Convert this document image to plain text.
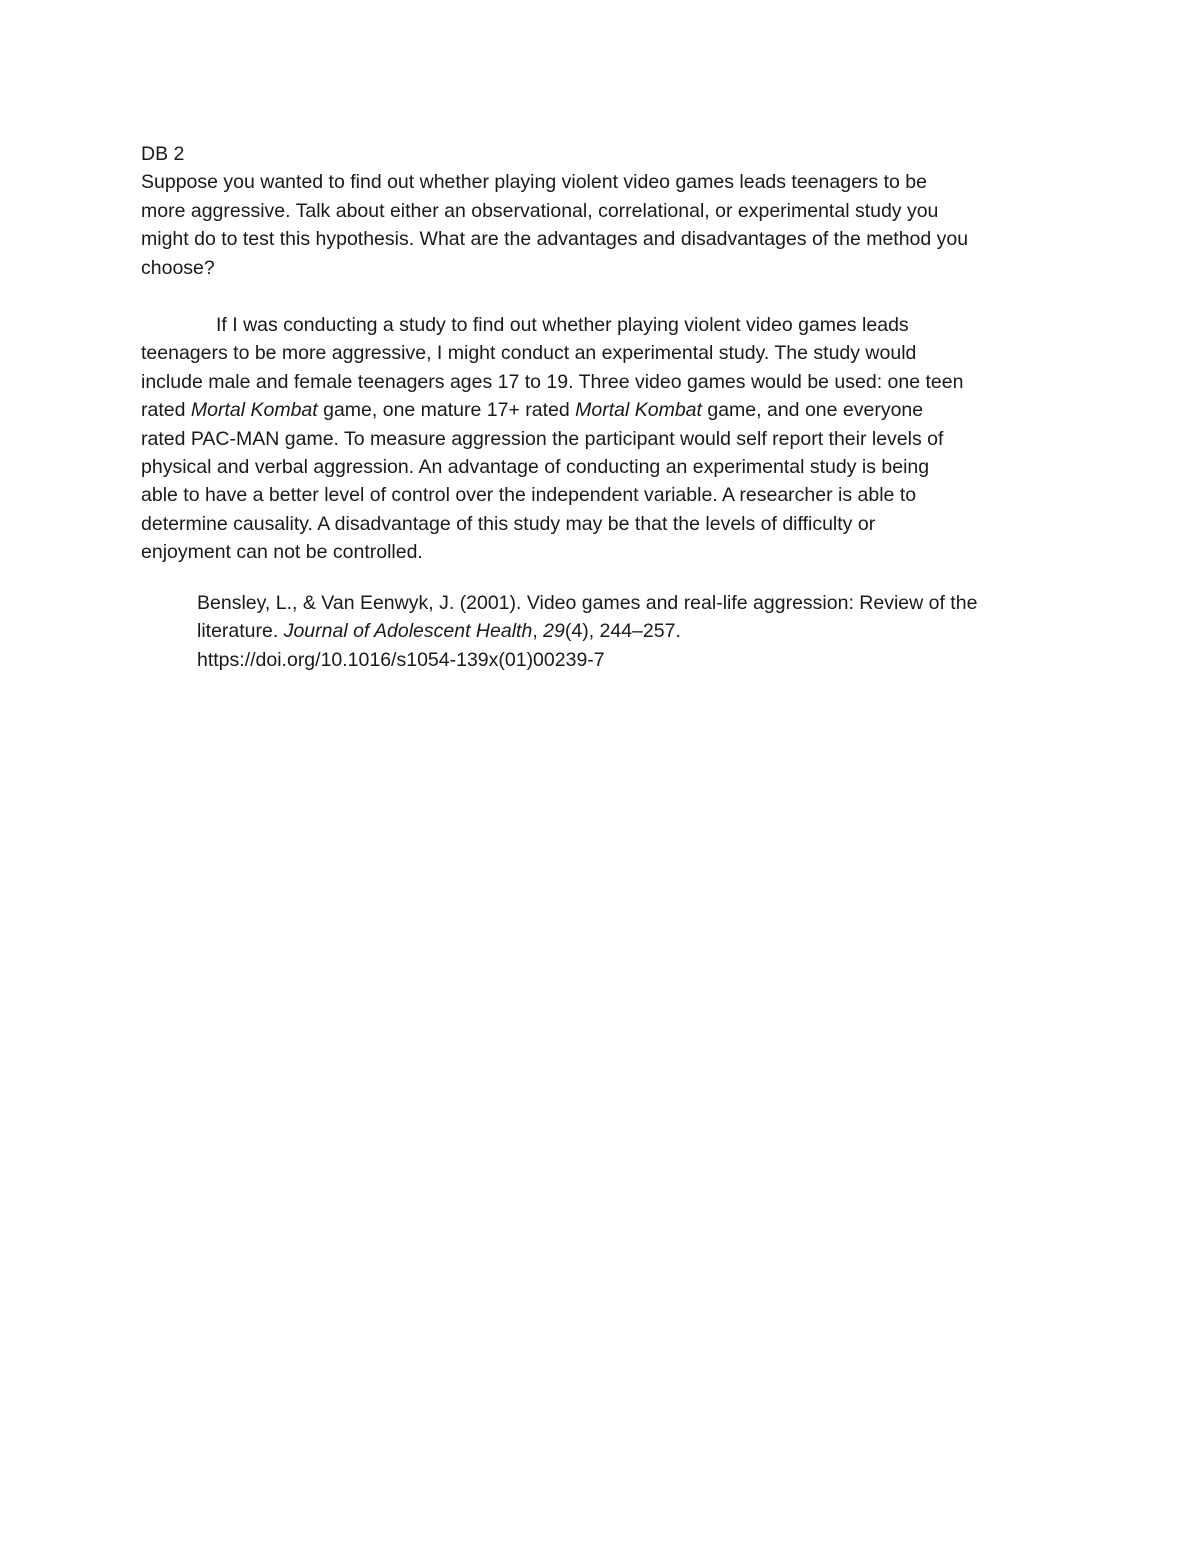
DB 2

Suppose you wanted to find out whether playing violent video games leads teenagers to be

more aggressive. Talk about either an observational, correlational, or experimental study you

might do to test this hypothesis. What are the advantages and disadvantages of the method you

choose?

If I was conducting a study to find out whether playing violent video games leads

teenagers to be more aggressive, I might conduct an experimental study. The study would

include male and female teenagers ages 17 to 19. Three video games would be used: one teen

rated Mortal Kombat game, one mature 17+ rated Mortal Kombat game, and one everyone

rated PAC-MAN game. To measure aggression the participant would self report their levels of

physical and verbal aggression. An advantage of conducting an experimental study is being

able to have a better level of control over the independent variable. A researcher is able to

determine causality. A disadvantage of this study may be that the levels of difficulty or

enjoyment can not be controlled.

Bensley, L., & Van Eenwyk, J. (2001). Video games and real-life aggression: Review of the

literature. Journal of Adolescent Health, 29(4), 244–257.

https://doi.org/10.1016/s1054-139x(01)00239-7
